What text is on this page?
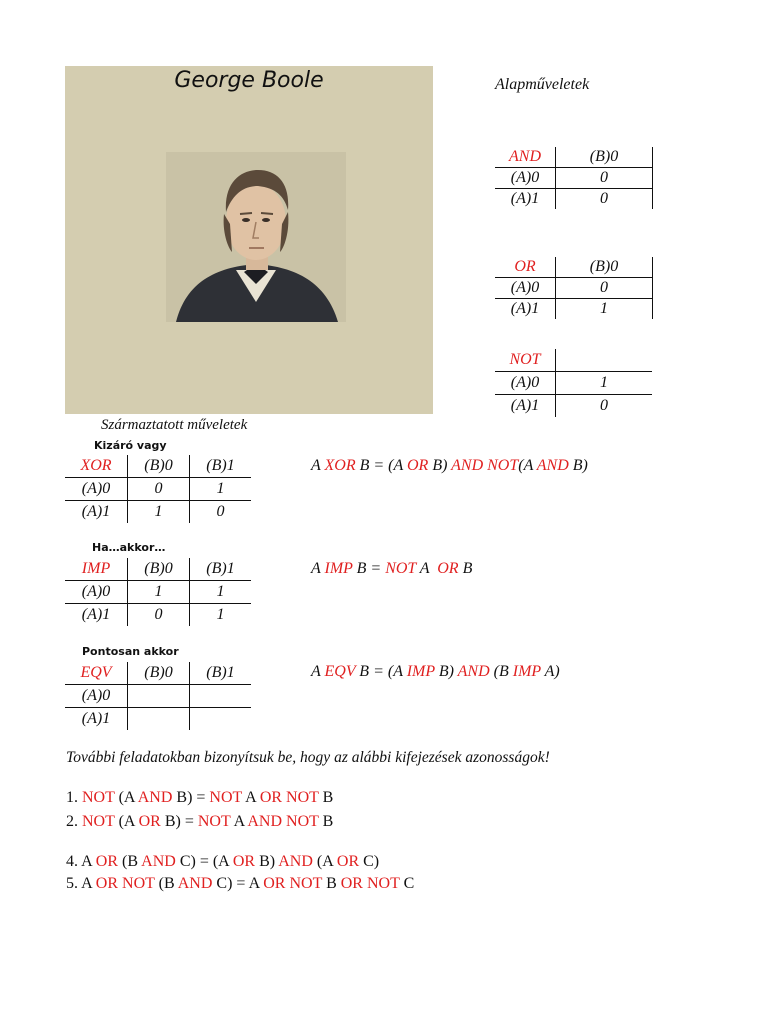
George Boole	Alapműveletek
AND	(B)0
(A)0	0
(A)1	0
OR	(B)0
(A)0	0
(A)1	1
NOT	
(A)0	1
(A)1	0
Származtatott műveletek
Kizáró vagy
XOR	(B)0	(B)1
(A)0	0	1
(A)1	1	0
A XOR B = (A OR B) AND NOT(A AND B)
Ha…akkor…
IMP	(B)0	(B)1
(A)0	1	1
(A)1	0	1
A IMP B = NOT A  OR B
Pontosan akkor
EQV	(B)0	(B)1
(A)0		
(A)1		
A EQV B = (A IMP B) AND (B IMP A)
További feladatokban bizonyítsuk be, hogy az alábbi kifejezések azonosságok!
1. NOT (A AND B) = NOT A OR NOT B
2. NOT (A OR B) = NOT A AND NOT B
4. A OR (B AND C) = (A OR B) AND (A OR C)
5. A OR NOT (B AND C) = A OR NOT B OR NOT C
